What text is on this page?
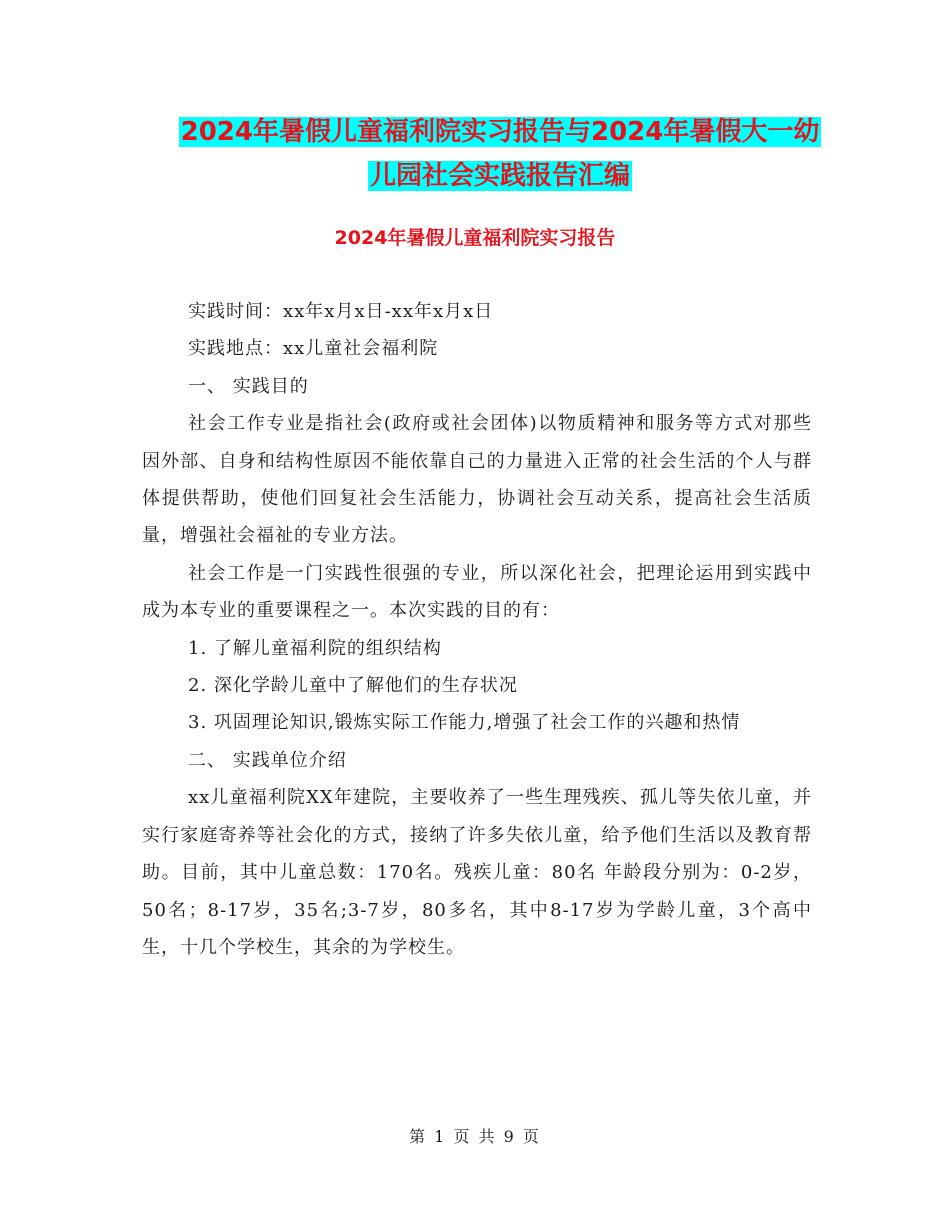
2024年暑假儿童福利院实习报告与2024年暑假大一幼
儿园社会实践报告汇编
2024年暑假儿童福利院实习报告

实践时间：xx年x月x日-xx年x月x日

实践地点：xx儿童社会福利院

一、 实践目的

社会工作专业是指社会(政府或社会团体)以物质精神和服务等方式对那些因外部、自身和结构性原因不能依靠自己的力量进入正常的社会生活的个人与群体提供帮助，使他们回复社会生活能力，协调社会互动关系，提高社会生活质量，增强社会福祉的专业方法。

社会工作是一门实践性很强的专业，所以深化社会，把理论运用到实践中成为本专业的重要课程之一。本次实践的目的有：

1. 了解儿童福利院的组织结构

2. 深化学龄儿童中了解他们的生存状况

3. 巩固理论知识,锻炼实际工作能力,增强了社会工作的兴趣和热情

二、 实践单位介绍

xx儿童福利院XX年建院，主要收养了一些生理残疾、孤儿等失依儿童，并实行家庭寄养等社会化的方式，接纳了许多失依儿童，给予他们生活以及教育帮助。目前，其中儿童总数：170名。残疾儿童：80名 年龄段分别为：0-2岁，50名；8-17岁，35名;3-7岁，80多名，其中8-17岁为学龄儿童，3个高中生，十几个学校生，其余的为学校生。

第 1 页 共 9 页
